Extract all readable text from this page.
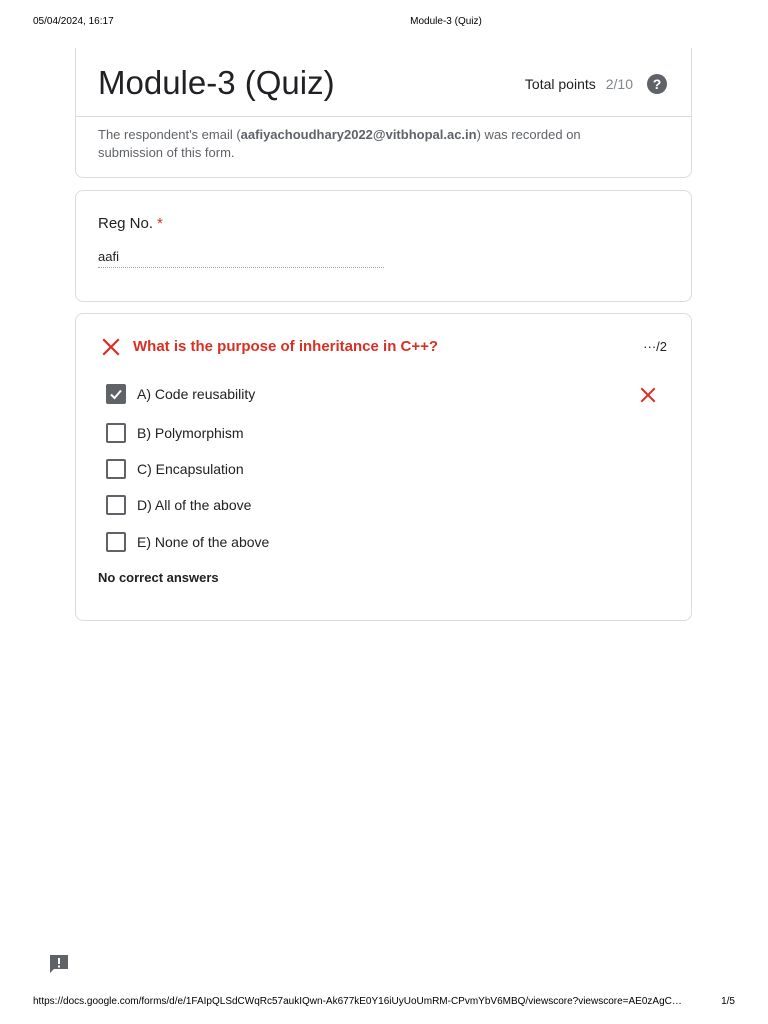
05/04/2024, 16:17	Module-3 (Quiz)
Module-3 (Quiz)	Total points 2/10	?
The respondent's email (aafiyachoudhary2022@vitbhopal.ac.in) was recorded on submission of this form.
Reg No. *
aafi
What is the purpose of inheritance in C++?	···/2
A) Code reusability
B) Polymorphism
C) Encapsulation
D) All of the above
E) None of the above
No correct answers
https://docs.google.com/forms/d/e/1FAIpQLSdCWqRc57aukIQwn-Ak677kE0Y16iUyUoUmRM-CPvmYbV6MBQ/viewscore?viewscore=AE0zAgC…	1/5
